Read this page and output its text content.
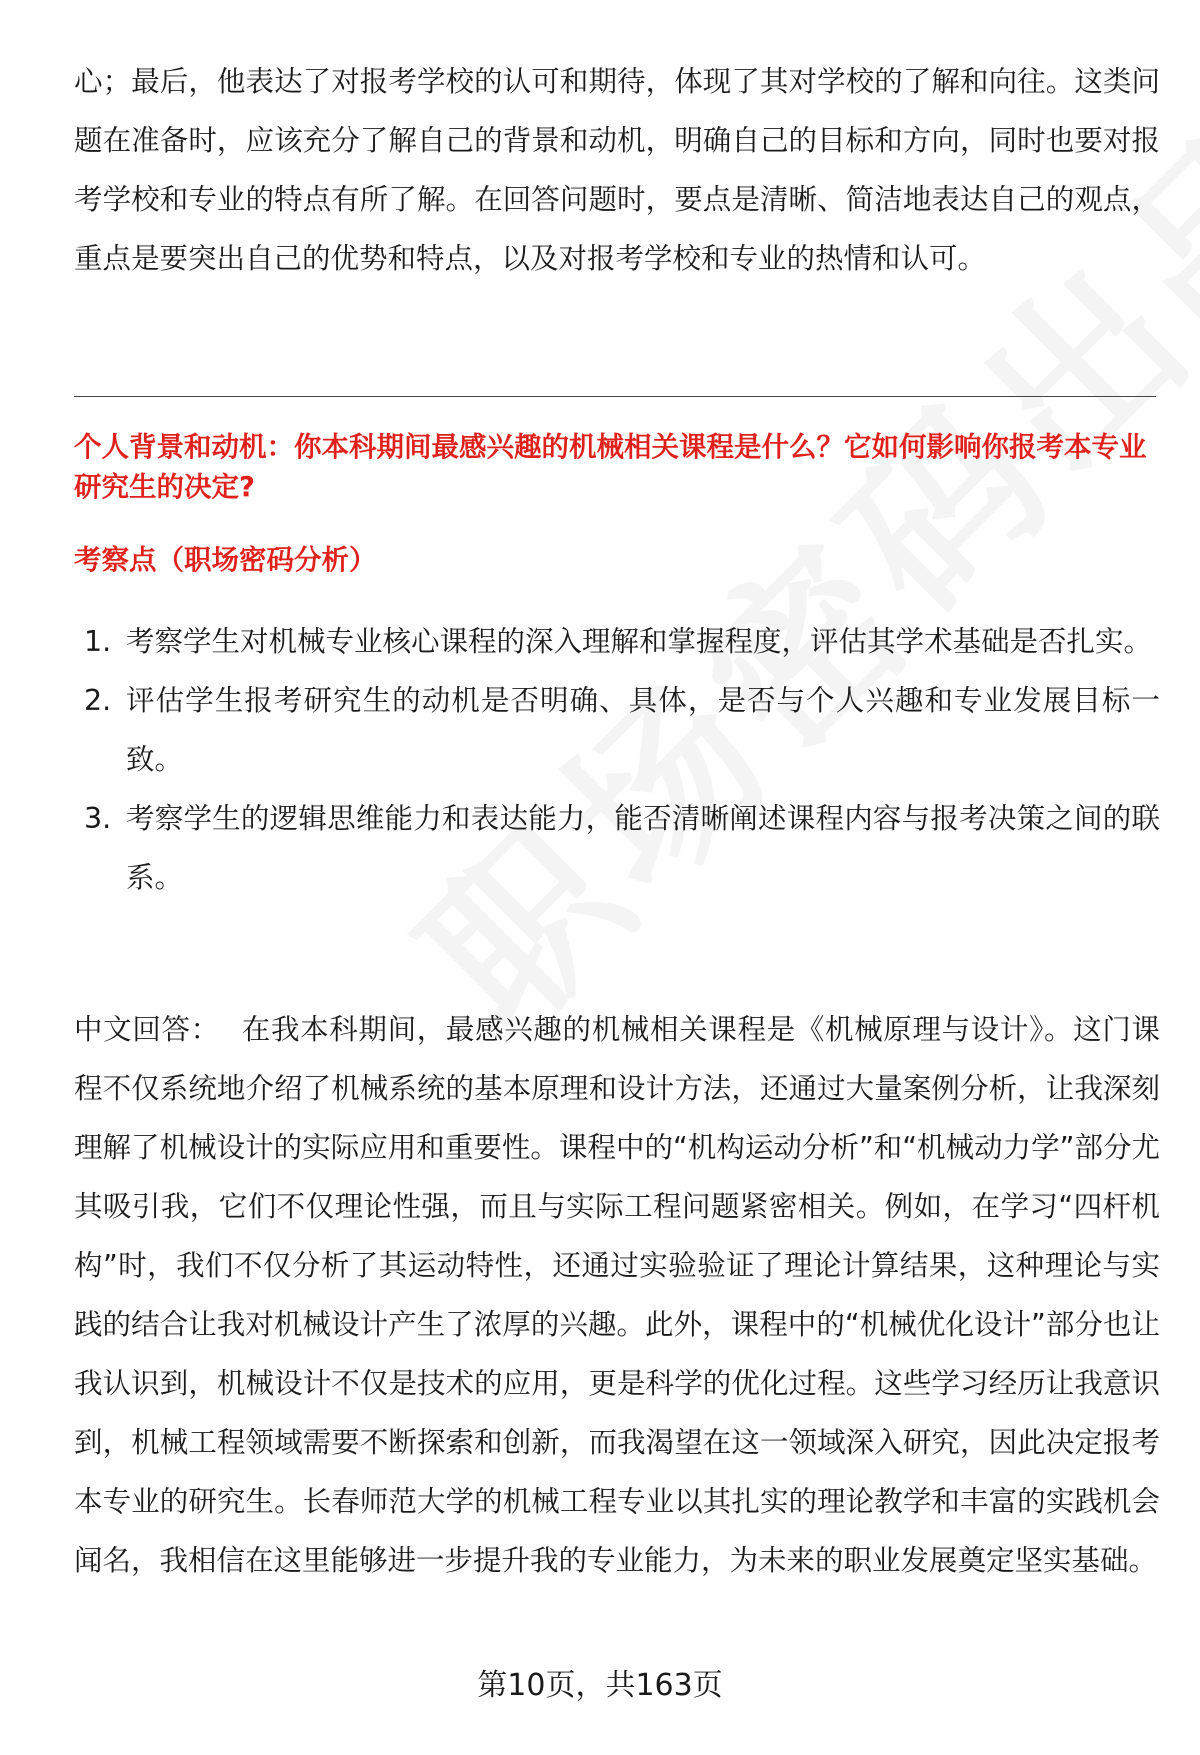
心；最后，他表达了对报考学校的认可和期待，体现了其对学校的了解和向往。这类问题在准备时，应该充分了解自己的背景和动机，明确自己的目标和方向，同时也要对报考学校和专业的特点有所了解。在回答问题时，要点是清晰、简洁地表达自己的观点，重点是要突出自己的优势和特点，以及对报考学校和专业的热情和认可。

个人背景和动机：你本科期间最感兴趣的机械相关课程是什么？它如何影响你报考本专业研究生的决定?

考察点（职场密码分析）

1. 考察学生对机械专业核心课程的深入理解和掌握程度，评估其学术基础是否扎实。
2. 评估学生报考研究生的动机是否明确、具体，是否与个人兴趣和专业发展目标一致。
3. 考察学生的逻辑思维能力和表达能力，能否清晰阐述课程内容与报考决策之间的联系。

中文回答： 在我本科期间，最感兴趣的机械相关课程是《机械原理与设计》。这门课程不仅系统地介绍了机械系统的基本原理和设计方法，还通过大量案例分析，让我深刻理解了机械设计的实际应用和重要性。课程中的“机构运动分析”和“机械动力学”部分尤其吸引我，它们不仅理论性强，而且与实际工程问题紧密相关。例如，在学习“四杆机构”时，我们不仅分析了其运动特性，还通过实验验证了理论计算结果，这种理论与实践的结合让我对机械设计产生了浓厚的兴趣。此外，课程中的“机械优化设计”部分也让我认识到，机械设计不仅是技术的应用，更是科学的优化过程。这些学习经历让我意识到，机械工程领域需要不断探索和创新，而我渴望在这一领域深入研究，因此决定报考本专业的研究生。长春师范大学的机械工程专业以其扎实的理论教学和丰富的实践机会闻名，我相信在这里能够进一步提升我的专业能力，为未来的职业发展奠定坚实基础。

第10页，共163页
